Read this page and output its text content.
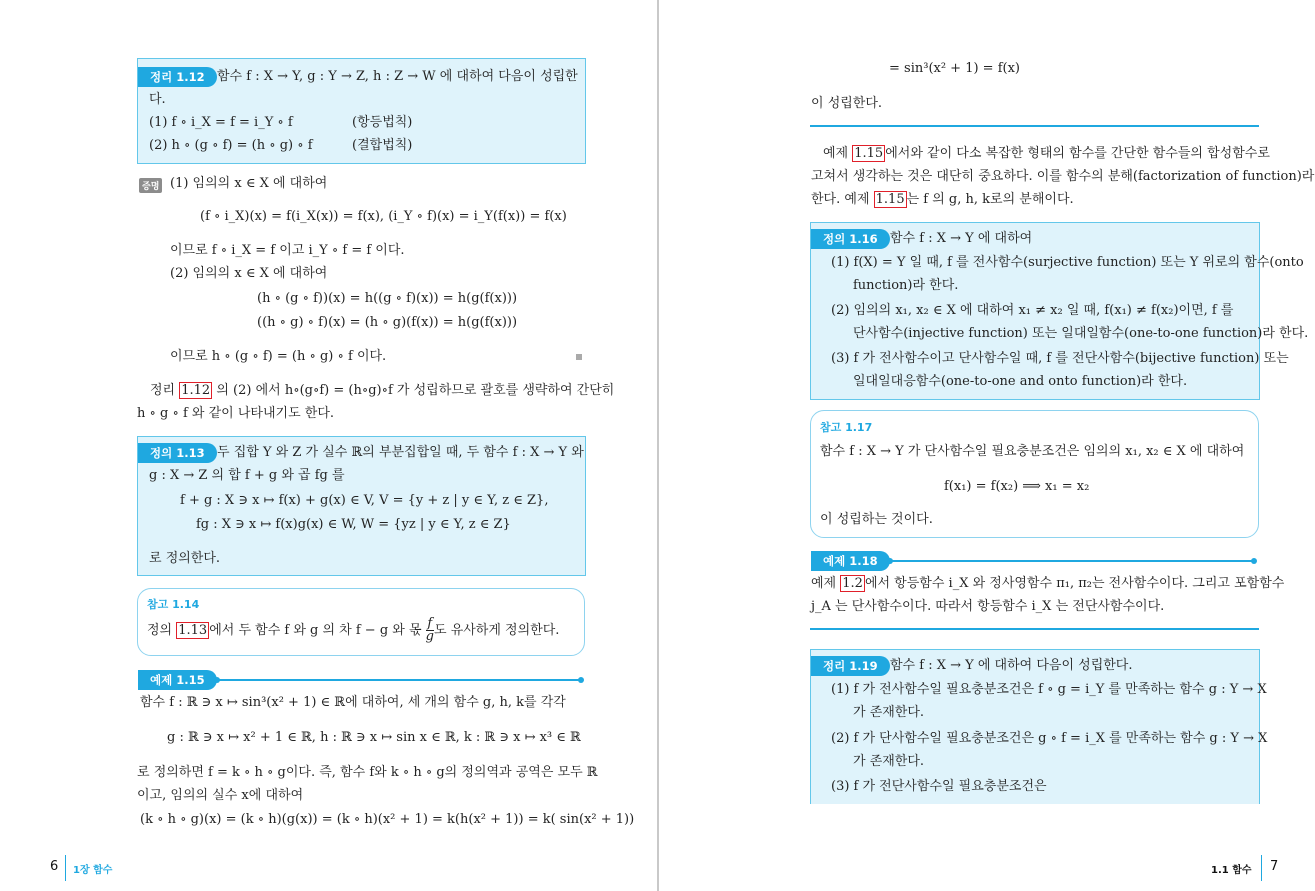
정리 1.12 함수 f : X → Y, g : Y → Z, h : Z → W 에 대하여 다음이 성립한
다.
(1) f ∘ i_X = f = i_Y ∘ f	(항등법칙)
(2) h ∘ (g ∘ f) = (h ∘ g) ∘ f	(결합법칙)
증명 (1) 임의의 x ∈ X 에 대하여
(f ∘ i_X)(x) = f(i_X(x)) = f(x), (i_Y ∘ f)(x) = i_Y(f(x)) = f(x)
이므로 f ∘ i_X = f 이고 i_Y ∘ f = f 이다.
(2) 임의의 x ∈ X 에 대하여
(h ∘ (g ∘ f))(x) = h((g ∘ f)(x)) = h(g(f(x)))
((h ∘ g) ∘ f)(x) = (h ∘ g)(f(x)) = h(g(f(x)))
이므로 h ∘ (g ∘ f) = (h ∘ g) ∘ f 이다.
정리 1.12 의 (2) 에서 h∘(g∘f) = (h∘g)∘f 가 성립하므로 괄호를 생략하여 간단히
h ∘ g ∘ f 와 같이 나타내기도 한다.
정의 1.13 두 집합 Y 와 Z 가 실수 ℝ의 부분집합일 때, 두 함수 f : X → Y 와
g : X → Z 의 합 f + g 와 곱 fg 를
f + g : X ∋ x ↦ f(x) + g(x) ∈ V, V = {y + z | y ∈ Y, z ∈ Z},
fg : X ∋ x ↦ f(x)g(x) ∈ W, W = {yz | y ∈ Y, z ∈ Z}
로 정의한다.
참고 1.14
정의 1.13 에서 두 함수 f 와 g 의 차 f − g 와 몫 $\frac{f}{g}$ 도 유사하게 정의한다.
예제 1.15
함수 f : ℝ ∋ x ↦ sin³(x² + 1) ∈ ℝ에 대하여, 세 개의 함수 g, h, k를 각각
g : ℝ ∋ x ↦ x² + 1 ∈ ℝ, h : ℝ ∋ x ↦ sin x ∈ ℝ, k : ℝ ∋ x ↦ x³ ∈ ℝ
로 정의하면 f = k ∘ h ∘ g이다. 즉, 함수 f와 k ∘ h ∘ g의 정의역과 공역은 모두 ℝ
이고, 임의의 실수 x에 대하여
(k ∘ h ∘ g)(x) = (k ∘ h)(g(x)) = (k ∘ h)(x² + 1) = k(h(x² + 1)) = k( sin(x² + 1))
6 1장 함수
= sin³(x² + 1) = f(x)
이 성립한다.
예제 1.15 에서와 같이 다소 복잡한 형태의 함수를 간단한 함수들의 합성함수로
고쳐서 생각하는 것은 대단히 중요하다. 이를 함수의 분해(factorization of function)라
한다. 예제 1.15 는 f 의 g, h, k로의 분해이다.
정의 1.16 함수 f : X → Y 에 대하여
(1) f(X) = Y 일 때, f 를 전사함수(surjective function) 또는 Y 위로의 함수(onto
function)라 한다.
(2) 임의의 x₁, x₂ ∈ X 에 대하여 x₁ ≠ x₂ 일 때, f(x₁) ≠ f(x₂)이면, f 를
단사함수(injective function) 또는 일대일함수(one-to-one function)라 한다.
(3) f 가 전사함수이고 단사함수일 때, f 를 전단사함수(bijective function) 또는
일대일대응함수(one-to-one and onto function)라 한다.
참고 1.17
함수 f : X → Y 가 단사함수일 필요충분조건은 임의의 x₁, x₂ ∈ X 에 대하여
f(x₁) = f(x₂) ⟹ x₁ = x₂
이 성립하는 것이다.
예제 1.18
예제 1.2 에서 항등함수 i_X 와 정사영함수 π₁, π₂는 전사함수이다. 그리고 포함함수
j_A 는 단사함수이다. 따라서 항등함수 i_X 는 전단사함수이다.
정리 1.19 함수 f : X → Y 에 대하여 다음이 성립한다.
(1) f 가 전사함수일 필요충분조건은 f ∘ g = i_Y 를 만족하는 함수 g : Y → X
가 존재한다.
(2) f 가 단사함수일 필요충분조건은 g ∘ f = i_X 를 만족하는 함수 g : Y → X
가 존재한다.
(3) f 가 전단사함수일 필요충분조건은
1.1 함수 7
